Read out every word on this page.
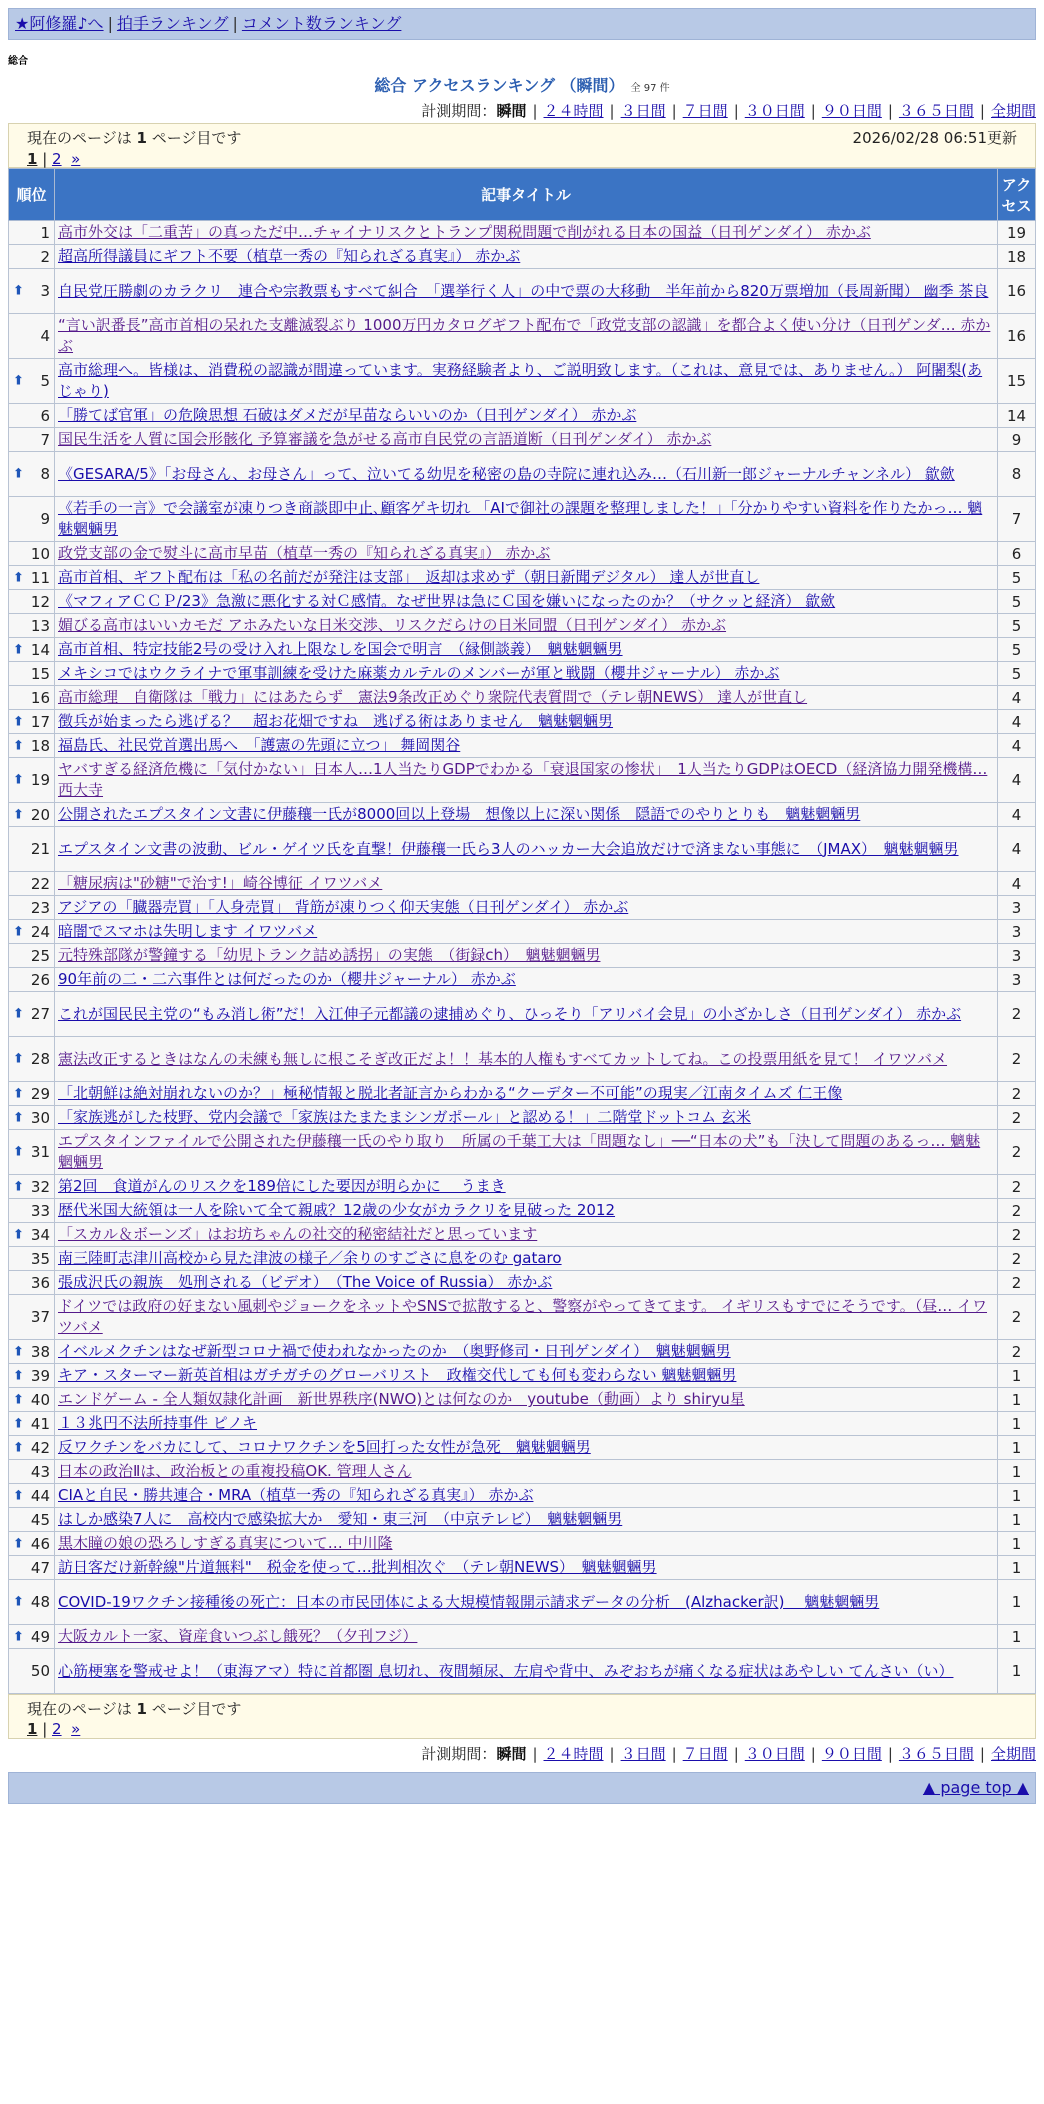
★阿修羅♪へ | 拍手ランキング | コメント数ランキング
総合
総合 アクセスランキング （瞬間） 全 97 件
計測期間：瞬間 | ２４時間 | ３日間 | ７日間 | ３０日間 | ９０日間 | ３６５日間 | 全期間
現在のページは 1 ページ目です	2026/02/28 06:51更新
1 | 2 »
順位	記事タイトル	アクセス
1	高市外交は「二重苦」の真っただ中…チャイナリスクとトランプ関税問題で削がれる日本の国益（日刊ゲンダイ） 赤かぶ	19
2	超高所得議員にギフト不要（植草一秀の『知られざる真実』） 赤かぶ	18

⬆ 3	自民党圧勝劇のカラクリ　連合や宗教票もすべて糾合　「選挙行く人」の中で票の大移動　半年前から820万票増加（長周新聞） 幽季 茶良	16
4	“言い訳番長”高市首相の呆れた支離滅裂ぶり 1000万円カタログギフト配布で「政党支部の認識」を都合よく使い分け（日刊ゲンダ… 赤かぶ	16

⬆ 5	高市総理へ。皆様は、消費税の認識が間違っています。実務経験者より、ご説明致します。（これは、意見では、ありません。） 阿闍梨(あじゃり)	15
6	「勝てば官軍」の危険思想 石破はダメだが早苗ならいいのか（日刊ゲンダイ） 赤かぶ	14
7	国民生活を人質に国会形骸化 予算審議を急がせる高市自民党の言語道断（日刊ゲンダイ） 赤かぶ	9

⬆ 8	《GESARA/5》「お母さん、お母さん」って、泣いてる幼児を秘密の島の寺院に連れ込み…（石川新一郎ジャーナルチャンネル） 歙歛	8
9	《若手の一言》で会議室が凍りつき商談即中止､顧客ゲキ切れ 「AIで御社の課題を整理しました！」「分かりやすい資料を作りたかっ… 魑魅魍魎男	7
10	政党支部の金で熨斗に高市早苗（植草一秀の『知られざる真実』） 赤かぶ	6

⬆ 11	高市首相、ギフト配布は「私の名前だが発注は支部」　返却は求めず（朝日新聞デジタル） 達人が世直し	5
12	《マフィアＣＣＰ/23》急激に悪化する対Ｃ感情。なぜ世界は急にＣ国を嫌いになったのか？（サクッと経済） 歙歛	5
13	媚びる高市はいいカモだ アホみたいな日米交渉、リスクだらけの日米同盟（日刊ゲンダイ） 赤かぶ	5

⬆ 14	高市首相、特定技能2号の受け入れ上限なしを国会で明言　（縁側談義）　魑魅魍魎男	5
15	メキシコではウクライナで軍事訓練を受けた麻薬カルテルのメンバーが軍と戦闘（櫻井ジャーナル） 赤かぶ	5
16	高市総理　自衛隊は「戦力」にはあたらず　憲法9条改正めぐり衆院代表質問で（テレ朝NEWS） 達人が世直し	4

⬆ 17	徴兵が始まったら逃げる？　超お花畑ですね　逃げる術はありません　魑魅魍魎男	4

⬆ 18	福島氏、社民党首選出馬へ　「護憲の先頭に立つ」 舞岡関谷	4

⬆ 19	ヤバすぎる経済危機に「気付かない」日本人…1人当たりGDPでわかる「衰退国家の惨状」　1人当たりGDPはOECD（経済協力開発機構… 西大寺	4

⬆ 20	公開されたエプスタイン文書に伊藤穰一氏が8000回以上登場　想像以上に深い関係　隠語でのやりとりも　魑魅魍魎男	4
21	エプスタイン文書の波動、ビル・ゲイツ氏を直撃！伊藤穰一氏ら3人のハッカー大会追放だけで済まない事態に　（JMAX）　魑魅魍魎男	4
22	「糖尿病は"砂糖"で治す!」崎谷博征 イワツバメ	4
23	アジアの「臓器売買」「人身売買」 背筋が凍りつく仰天実態（日刊ゲンダイ） 赤かぶ	3

⬆ 24	暗闇でスマホは失明します イワツバメ	3
25	元特殊部隊が警鐘する「幼児トランク詰め誘拐」の実態　（街録ch）　魑魅魍魎男	3
26	90年前の二・二六事件とは何だったのか（櫻井ジャーナル） 赤かぶ	3

⬆ 27	これが国民民主党の“もみ消し術”だ！入江伸子元都議の逮捕めぐり、ひっそり「アリバイ会見」の小ざかしさ（日刊ゲンダイ） 赤かぶ	2

⬆ 28	憲法改正するときはなんの未練も無しに根こそぎ改正だよ！！基本的人権もすべてカットしてね。この投票用紙を見て！ イワツバメ	2

⬆ 29	「北朝鮮は絶対崩れないのか？」極秘情報と脱北者証言からわかる“クーデター不可能”の現実／江南タイムズ 仁王像	2

⬆ 30	「家族逃がした枝野、党内会議で「家族はたまたまシンガポール」と認める！」二階堂ドットコム 玄米	2

⬆ 31	エプスタインファイルで公開された伊藤穰一氏のやり取り　所属の千葉工大は「問題なし」──“日本の犬”も「決して問題のあるっ… 魑魅魍魎男	2

⬆ 32	第2回　食道がんのリスクを189倍にした要因が明らかに　 うまき	2
33	歴代米国大統領は一人を除いて全て親戚？12歳の少女がカラクリを見破った 2012	2

⬆ 34	「スカル＆ボーンズ」はお坊ちゃんの社交的秘密結社だと思っています	2
35	南三陸町志津川高校から見た津波の様子／余りのすごさに息をのむ gataro	2
36	張成沢氏の親族　処刑される（ビデオ）　（The Voice of Russia） 赤かぶ	2
37	ドイツでは政府の好まない風刺やジョークをネットやSNSで拡散すると、警察がやってきてます。 イギリスもすでにそうです。（昼… イワツバメ	2

⬆ 38	イベルメクチンはなぜ新型コロナ禍で使われなかったのか　（奥野修司・日刊ゲンダイ）　魑魅魍魎男	2

⬆ 39	キア・スターマー新英首相はガチガチのグローバリスト　政権交代しても何も変わらない 魑魅魍魎男	1

⬆ 40	エンドゲーム - 全人類奴隷化計画　新世界秩序(NWO)とは何なのか　youtube（動画）より shiryu星	1

⬆ 41	１３兆円不法所持事件 ピノキ	1

⬆ 42	反ワクチンをバカにして、コロナワクチンを5回打った女性が急死　魑魅魍魎男	1
43	日本の政治Ⅱは、政治板との重複投稿OK. 管理人さん	1

⬆ 44	CIAと自民・勝共連合・MRA（植草一秀の『知られざる真実』） 赤かぶ	1
45	はしか感染7人に　高校内で感染拡大か　愛知・東三河　（中京テレビ）　魑魅魍魎男	1

⬆ 46	黒木瞳の娘の恐ろしすぎる真実について… 中川隆	1
47	訪日客だけ新幹線"片道無料"　税金を使って…批判相次ぐ　（テレ朝NEWS）　魑魅魍魎男	1

⬆ 48	COVID-19ワクチン接種後の死亡：日本の市民団体による大規模情報開示請求データの分析　(Alzhacker訳)　 魑魅魍魎男	1

⬆ 49	大阪カルト一家、資産食いつぶし餓死？（夕刊フジ）	1
50	心筋梗塞を警戒せよ！（東海アマ）特に首都圏 息切れ、夜間頻尿、左肩や背中、みぞおちが痛くなる症状はあやしい てんさい（い）	1
現在のページは 1 ページ目です
1 | 2 »
計測期間：瞬間 | ２４時間 | ３日間 | ７日間 | ３０日間 | ９０日間 | ３６５日間 | 全期間
▲ page top ▲
